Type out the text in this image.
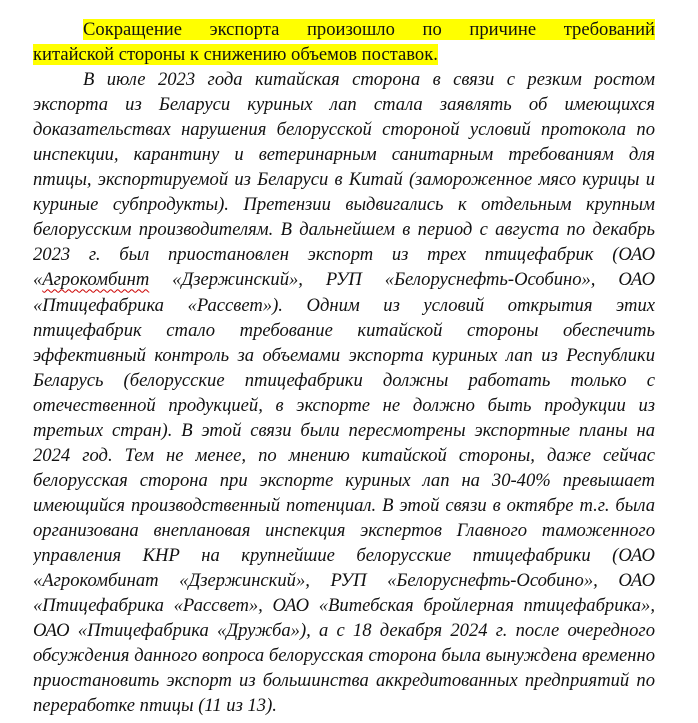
Сокращение экспорта произошло по причине требований
китайской стороны к снижению объемов поставок.
В июле 2023 года китайская сторона в связи с резким ростом
экспорта из Беларуси куриных лап стала заявлять об имеющихся
доказательствах нарушения белорусской стороной условий протокола по
инспекции, карантину и ветеринарным санитарным требованиям для
птицы, экспортируемой из Беларуси в Китай (замороженное мясо курицы и
куриные субпродукты). Претензии выдвигались к отдельным крупным
белорусским производителям. В дальнейшем в период с августа по декабрь
2023 г. был приостановлен экспорт из трех птицефабрик (ОАО
«Агрокомбинт «Дзержинский», РУП «Белоруснефть-Особино», ОАО
«Птицефабрика «Рассвет»). Одним из условий открытия этих
птицефабрик стало требование китайской стороны обеспечить
эффективный контроль за объемами экспорта куриных лап из Республики
Беларусь (белорусские птицефабрики должны работать только с
отечественной продукцией, в экспорте не должно быть продукции из
третьих стран). В этой связи были пересмотрены экспортные планы на
2024 год. Тем не менее, по мнению китайской стороны, даже сейчас
белорусская сторона при экспорте куриных лап на 30-40% превышает
имеющийся производственный потенциал. В этой связи в октябре т.г. была
организована внеплановая инспекция экспертов Главного таможенного
управления КНР на крупнейшие белорусские птицефабрики (ОАО
«Агрокомбинат «Дзержинский», РУП «Белоруснефть-Особино», ОАО
«Птицефабрика «Рассвет», ОАО «Витебская бройлерная птицефабрика»,
ОАО «Птицефабрика «Дружба»), а с 18 декабря 2024 г. после очередного
обсуждения данного вопроса белорусская сторона была вынуждена временно
приостановить экспорт из большинства аккредитованных предприятий по
переработке птицы (11 из 13).
